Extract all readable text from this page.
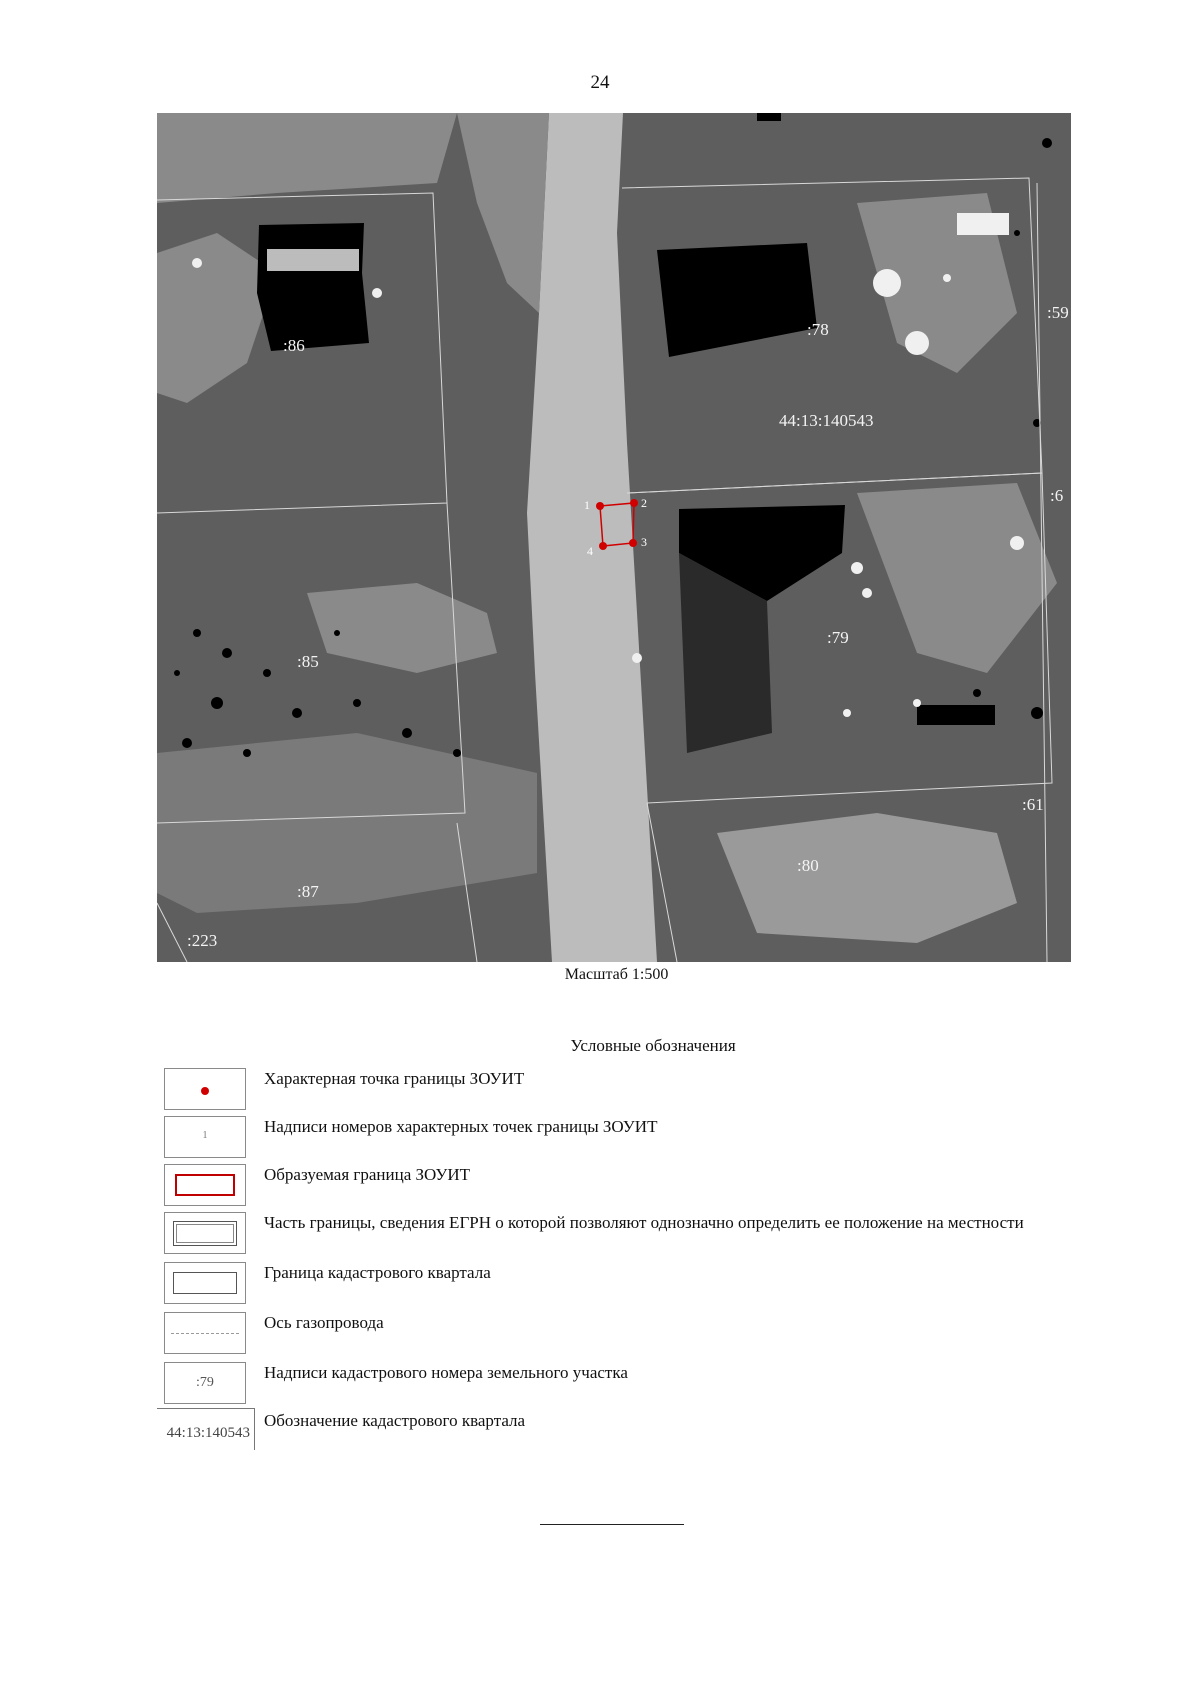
24
1	2
3
4
:86
:78
:59
:6
:85
:79
:61
:80
:87
:223
44:13:140543
Масштаб 1:500
Условные обозначения
Характерная точка границы ЗОУИТ
1	Надписи номеров характерных точек границы ЗОУИТ
Образуемая граница ЗОУИТ
Часть границы, сведения ЕГРН о которой позволяют однозначно определить ее положение на местности
Граница кадастрового квартала
Ось газопровода
:79
Надписи кадастрового номера земельного участка
Обозначение кадастрового квартала
44:13:140543
